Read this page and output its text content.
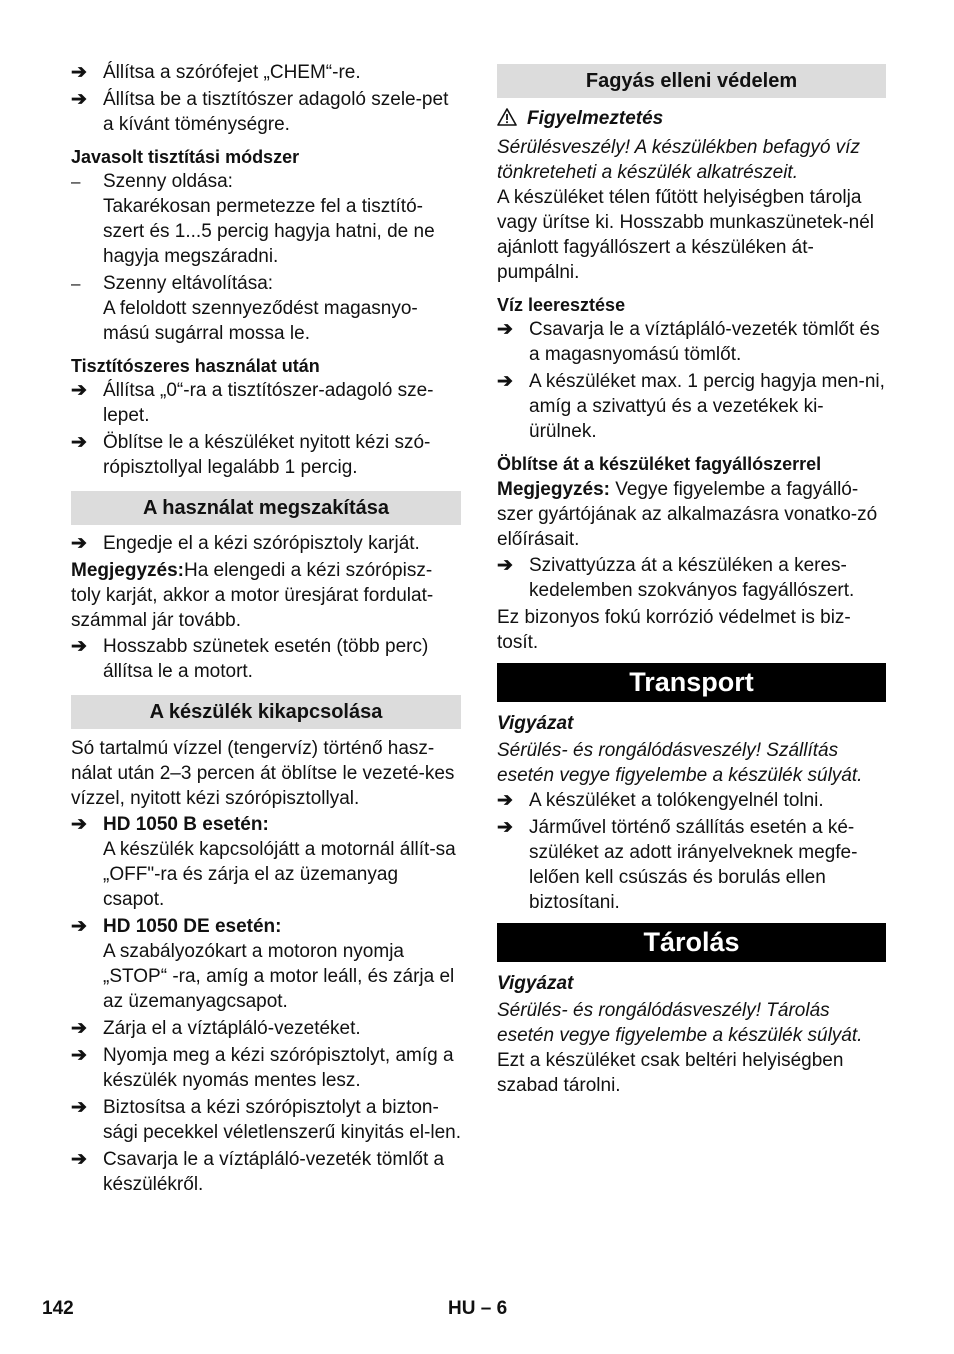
➔ Állítsa a szórófejet „CHEM“-re.

➔ Állítsa be a tisztítószer adagoló szele-pet a kívánt töménységre.

Javasolt tisztítási módszer

–	Szenny oldása:

Takarékosan permetezze fel a tisztító-szert és 1...5 percig hagyja hatni, de ne hagyja megszáradni.

–	Szenny eltávolítása:

A feloldott szennyeződést magasnyo-mású sugárral mossa le.

Tisztítószeres használat után

➔ Állítsa „0“-ra a tisztítószer-adagoló sze-lepet.

➔ Öblítse le a készüléket nyitott kézi szó-rópisztollyal legalább 1 percig.

A használat megszakítása
➔ Engedje el a kézi szórópisztoly karját.

Megjegyzés:Ha elengedi a kézi szórópisz-toly karját, akkor a motor üresjárat fordulat-számmal jár tovább.

➔ Hosszabb szünetek esetén (több perc) állítsa le a motort.

A készülék kikapcsolása

Só tartalmú vízzel (tengervíz) történő hasz-nálat után 2–3 percen át öblítse le vezeté-kes vízzel, nyitott kézi szórópisztollyal.

➔ HD 1050 B esetén:

A készülék kapcsolójátt a motornál állít-sa „OFF"-ra és zárja el az üzemanyag csapot.

➔ HD 1050 DE esetén:

A szabályozókart a motoron nyomja „STOP“ -ra, amíg a motor leáll, és zárja el az üzemanyagcsapot.

➔ Zárja el a víztápláló-vezetéket.

➔ Nyomja meg a kézi szórópisztolyt, amíg a készülék nyomás mentes lesz.

➔ Biztosítsa a kézi szórópisztolyt a bizton-sági pecekkel véletlenszerű kinyitás el-len.

➔ Csavarja le a víztápláló-vezeték tömlőt a készülékről.

Fagyás elleni védelem

Figyelmeztetés

Sérülésveszély! A készülékben befagyó víz tönkreteheti a készülék alkatrészeit.

A készüléket télen fűtött helyiségben tárolja vagy ürítse ki. Hosszabb munkaszünetek-nél ajánlott fagyállószert a készüléken át-pumpálni.

Víz leeresztése

➔ Csavarja le a víztápláló-vezeték tömlőt és a magasnyomású tömlőt.

➔ A készüléket max. 1 percig hagyja men-ni, amíg a szivattyú és a vezetékek ki-ürülnek.

Öblítse át a készüléket fagyállószerrel

Megjegyzés: Vegye figyelembe a fagyálló-szer gyártójának az alkalmazásra vonatko-zó előírásait.

➔ Szivattyúzza át a készüléken a keres-kedelemben szokványos fagyállószert.

Ez bizonyos fokú korrózió védelmet is biz-tosít.

Transport

Vigyázat

Sérülés- és rongálódásveszély! Szállítás esetén vegye figyelembe a készülék súlyát.

➔ A készüléket a tolókengyelnél tolni.

➔ Járművel történő szállítás esetén a ké-szüléket az adott irányelveknek megfe-lelően kell csúszás és borulás ellen biztosítani.

Tárolás

Vigyázat

Sérülés- és rongálódásveszély! Tárolás esetén vegye figyelembe a készülék súlyát.

Ezt a készüléket csak beltéri helyiségben szabad tárolni.

142	HU – 6
